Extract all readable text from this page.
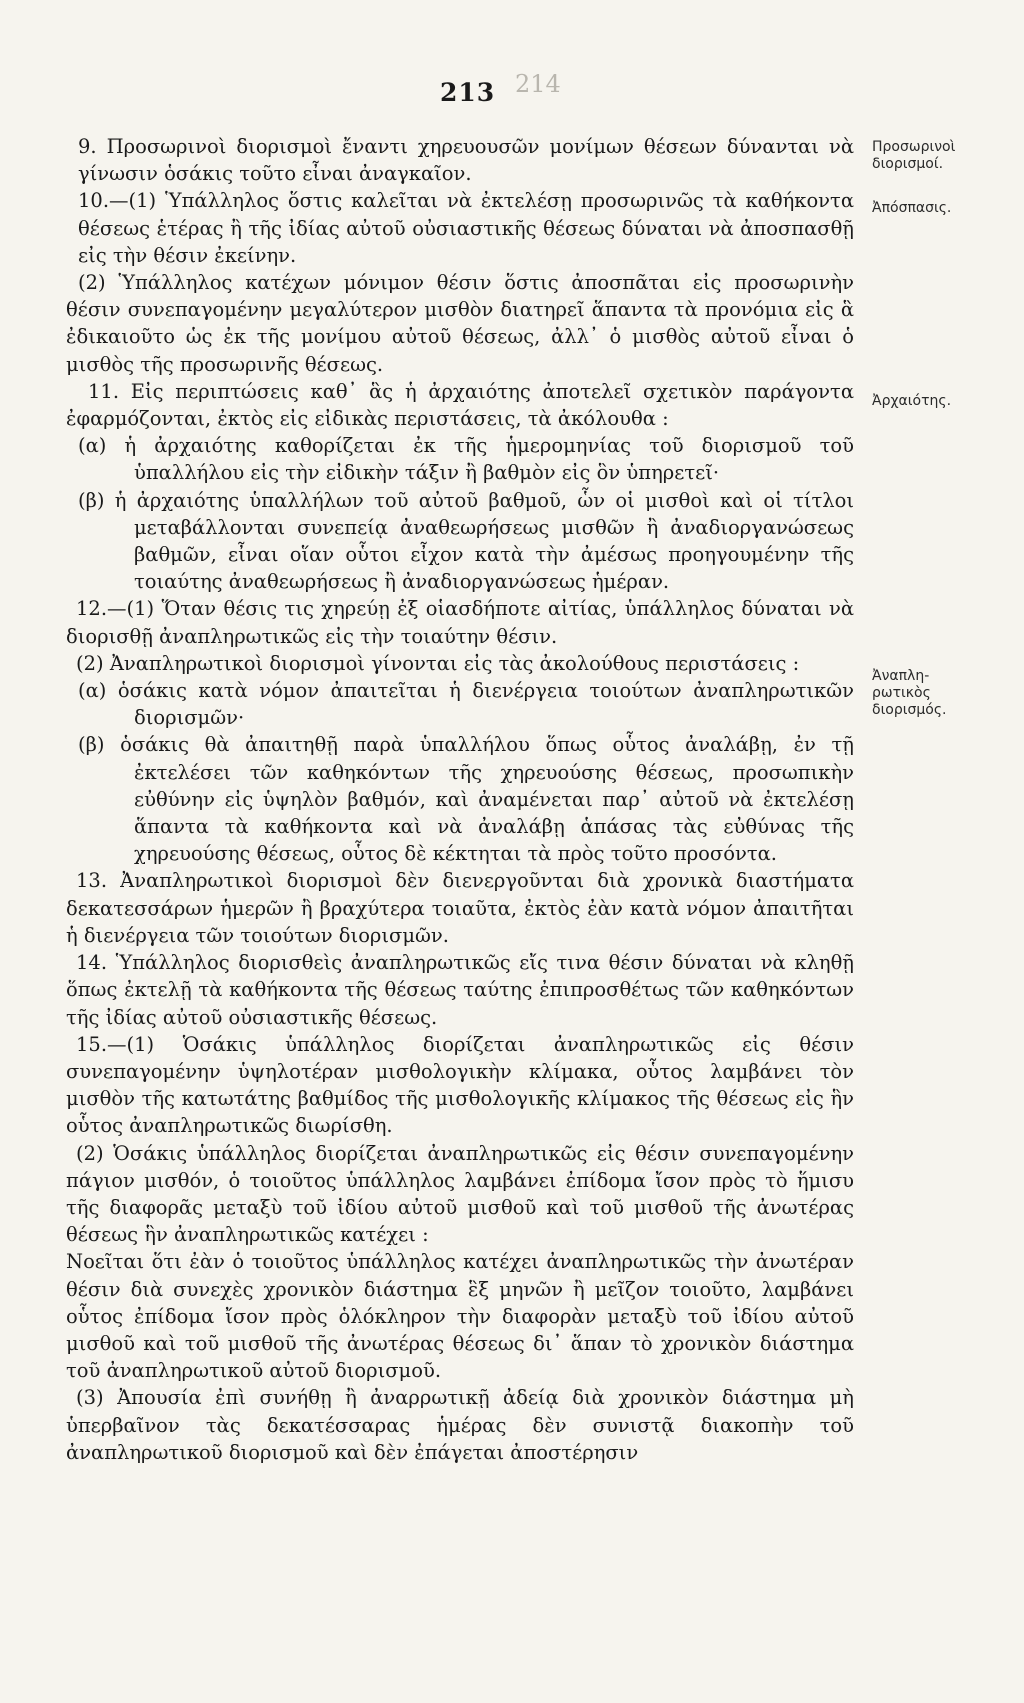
214
213

9. Προσωρινοὶ διορισμοὶ ἔναντι χηρευουσῶν μονίμων θέσεων δύνανται νὰ γίνωσιν ὁσάκις τοῦτο εἶναι ἀναγκαῖον.

10.—(1) Ὑπάλληλος ὅστις καλεῖται νὰ ἐκτελέσῃ προσωρινῶς τὰ καθήκοντα θέσεως ἑτέρας ἢ τῆς ἰδίας αὐτοῦ οὐσιαστικῆς θέσεως δύναται νὰ ἀποσπασθῇ εἰς τὴν θέσιν ἐκείνην.

(2) Ὑπάλληλος κατέχων μόνιμον θέσιν ὅστις ἀποσπᾶται εἰς προσωρινὴν θέσιν συνεπαγομένην μεγαλύτερον μισθὸν διατηρεῖ ἅπαντα τὰ προνόμια εἰς ἃ ἐδικαιοῦτο ὡς ἐκ τῆς μονίμου αὐτοῦ θέσεως, ἀλλ᾿ ὁ μισθὸς αὐτοῦ εἶναι ὁ μισθὸς τῆς προσωρινῆς θέσεως.

11. Εἰς περιπτώσεις καθ᾿ ἃς ἡ ἀρχαιότης ἀποτελεῖ σχετικὸν παράγοντα ἐφαρμόζονται, ἐκτὸς εἰς εἰδικὰς περιστάσεις, τὰ ἀκόλουθα :

(α) ἡ ἀρχαιότης καθορίζεται ἐκ τῆς ἡμερομηνίας τοῦ διορισμοῦ τοῦ ὑπαλλήλου εἰς τὴν εἰδικὴν τάξιν ἢ βαθμὸν εἰς ὃν ὑπηρετεῖ·

(β) ἡ ἀρχαιότης ὑπαλλήλων τοῦ αὐτοῦ βαθμοῦ, ὧν οἱ μισθοὶ καὶ οἱ τίτλοι μεταβάλλονται συνεπείᾳ ἀναθεωρήσεως μισθῶν ἢ ἀναδιοργανώσεως βαθμῶν, εἶναι οἵαν οὗτοι εἶχον κατὰ τὴν ἀμέσως προηγουμένην τῆς τοιαύτης ἀναθεωρήσεως ἢ ἀναδιοργανώσεως ἡμέραν.

12.—(1) Ὅταν θέσις τις χηρεύῃ ἐξ οἱασδήποτε αἰτίας, ὑπάλληλος δύναται νὰ διορισθῇ ἀναπληρωτικῶς εἰς τὴν τοιαύτην θέσιν.

(2) Ἀναπληρωτικοὶ διορισμοὶ γίνονται εἰς τὰς ἀκολούθους περιστάσεις :

(α) ὁσάκις κατὰ νόμον ἀπαιτεῖται ἡ διενέργεια τοιούτων ἀναπληρωτικῶν διορισμῶν·

(β) ὁσάκις θὰ ἀπαιτηθῇ παρὰ ὑπαλλήλου ὅπως οὗτος ἀναλάβῃ, ἐν τῇ ἐκτελέσει τῶν καθηκόντων τῆς χηρευούσης θέσεως, προσωπικὴν εὐθύνην εἰς ὑψηλὸν βαθμόν, καὶ ἀναμένεται παρ᾿ αὐτοῦ νὰ ἐκτελέσῃ ἅπαντα τὰ καθήκοντα καὶ νὰ ἀναλάβῃ ἁπάσας τὰς εὐθύνας τῆς χηρευούσης θέσεως, οὗτος δὲ κέκτηται τὰ πρὸς τοῦτο προσόντα.

13. Ἀναπληρωτικοὶ διορισμοὶ δὲν διενεργοῦνται διὰ χρονικὰ διαστήματα δεκατεσσάρων ἡμερῶν ἢ βραχύτερα τοιαῦτα, ἐκτὸς ἐὰν κατὰ νόμον ἀπαιτῆται ἡ διενέργεια τῶν τοιούτων διορισμῶν.

14. Ὑπάλληλος διορισθεὶς ἀναπληρωτικῶς εἴς τινα θέσιν δύναται νὰ κληθῇ ὅπως ἐκτελῇ τὰ καθήκοντα τῆς θέσεως ταύτης ἐπιπροσθέτως τῶν καθηκόντων τῆς ἰδίας αὐτοῦ οὐσιαστικῆς θέσεως.

15.—(1) Ὁσάκις ὑπάλληλος διορίζεται ἀναπληρωτικῶς εἰς θέσιν συνεπαγομένην ὑψηλοτέραν μισθολογικὴν κλίμακα, οὗτος λαμβάνει τὸν μισθὸν τῆς κατωτάτης βαθμίδος τῆς μισθολογικῆς κλίμακος τῆς θέσεως εἰς ἣν οὗτος ἀναπληρωτικῶς διωρίσθη.

(2) Ὁσάκις ὑπάλληλος διορίζεται ἀναπληρωτικῶς εἰς θέσιν συνεπαγομένην πάγιον μισθόν, ὁ τοιοῦτος ὑπάλληλος λαμβάνει ἐπίδομα ἴσον πρὸς τὸ ἥμισυ τῆς διαφορᾶς μεταξὺ τοῦ ἰδίου αὐτοῦ μισθοῦ καὶ τοῦ μισθοῦ τῆς ἀνωτέρας θέσεως ἣν ἀναπληρωτικῶς κατέχει :

Νοεῖται ὅτι ἐὰν ὁ τοιοῦτος ὑπάλληλος κατέχει ἀναπληρωτικῶς τὴν ἀνωτέραν θέσιν διὰ συνεχὲς χρονικὸν διάστημα ἓξ μηνῶν ἢ μεῖζον τοιοῦτο, λαμβάνει οὗτος ἐπίδομα ἴσον πρὸς ὁλόκληρον τὴν διαφορὰν μεταξὺ τοῦ ἰδίου αὐτοῦ μισθοῦ καὶ τοῦ μισθοῦ τῆς ἀνωτέρας θέσεως δι᾿ ἅπαν τὸ χρονικὸν διάστημα τοῦ ἀναπληρωτικοῦ αὐτοῦ διορισμοῦ.

(3) Ἀπουσία ἐπὶ συνήθῃ ἢ ἀναρρωτικῇ ἀδείᾳ διὰ χρονικὸν διάστημα μὴ ὑπερβαῖνον τὰς δεκατέσσαρας ἡμέρας δὲν συνιστᾷ διακοπὴν τοῦ ἀναπληρωτικοῦ διορισμοῦ καὶ δὲν ἐπάγεται ἀποστέρησιν

Προσωρινοὶ διορισμοί.
Ἀπόσπασις.
Ἀρχαιότης.
Ἀναπλη-ρωτικὸς διορισμός.
